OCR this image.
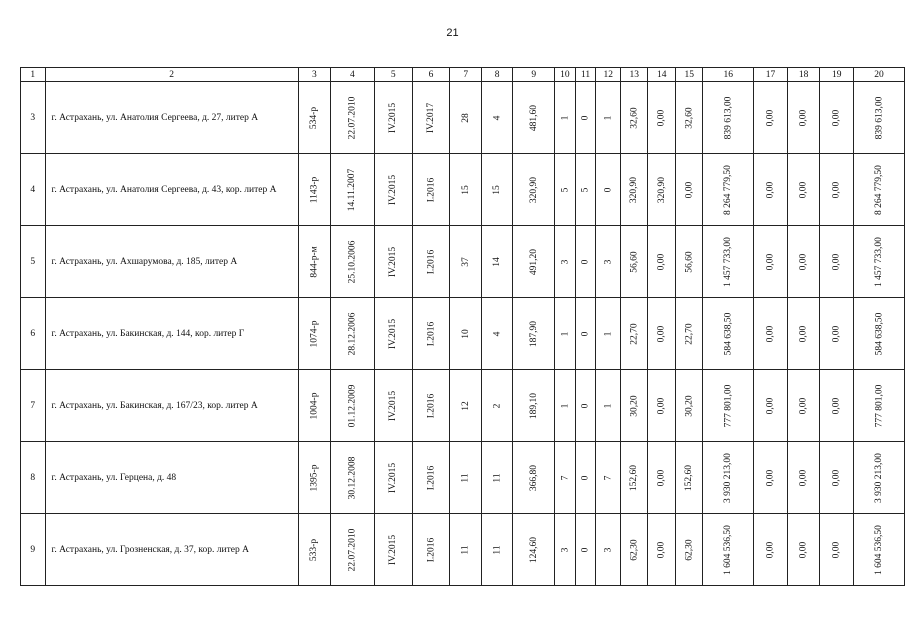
21
1	2	3	4	5	6	7	8	9	10	11	12	13	14	15	16	17	18	19	20
3	г. Астрахань, ул. Анатолия Сергеева, д. 27, литер А	534-р	22.07.2010	IV.2015	IV.2017	28	4	481,60	1	0	1	32,60	0,00	32,60	839 613,00	0,00	0,00	0,00	839 613,00
4	г. Астрахань, ул. Анатолия Сергеева, д. 43, кор. литер А	1143-р	14.11.2007	IV.2015	I.2016	15	15	320,90	5	5	0	320,90	320,90	0,00	8 264 779,50	0,00	0,00	0,00	8 264 779,50
5	г. Астрахань, ул. Ахшарумова, д. 185, литер А	844-р-м	25.10.2006	IV.2015	I.2016	37	14	491,20	3	0	3	56,60	0,00	56,60	1 457 733,00	0,00	0,00	0,00	1 457 733,00
6	г. Астрахань, ул. Бакинская, д. 144, кор. литер Г	1074-р	28.12.2006	IV.2015	I.2016	10	4	187,90	1	0	1	22,70	0,00	22,70	584 638,50	0,00	0,00	0,00	584 638,50
7	г. Астрахань, ул. Бакинская, д. 167/23, кор. литер А	1004-р	01.12.2009	IV.2015	I.2016	12	2	189,10	1	0	1	30,20	0,00	30,20	777 801,00	0,00	0,00	0,00	777 801,00
8	г. Астрахань, ул. Герцена, д. 48	1395-р	30.12.2008	IV.2015	I.2016	11	11	366,80	7	0	7	152,60	0,00	152,60	3 930 213,00	0,00	0,00	0,00	3 930 213,00
9	г. Астрахань, ул. Грозненская, д. 37, кор. литер А	533-р	22.07.2010	IV.2015	I.2016	11	11	124,60	3	0	3	62,30	0,00	62,30	1 604 536,50	0,00	0,00	0,00	1 604 536,50
